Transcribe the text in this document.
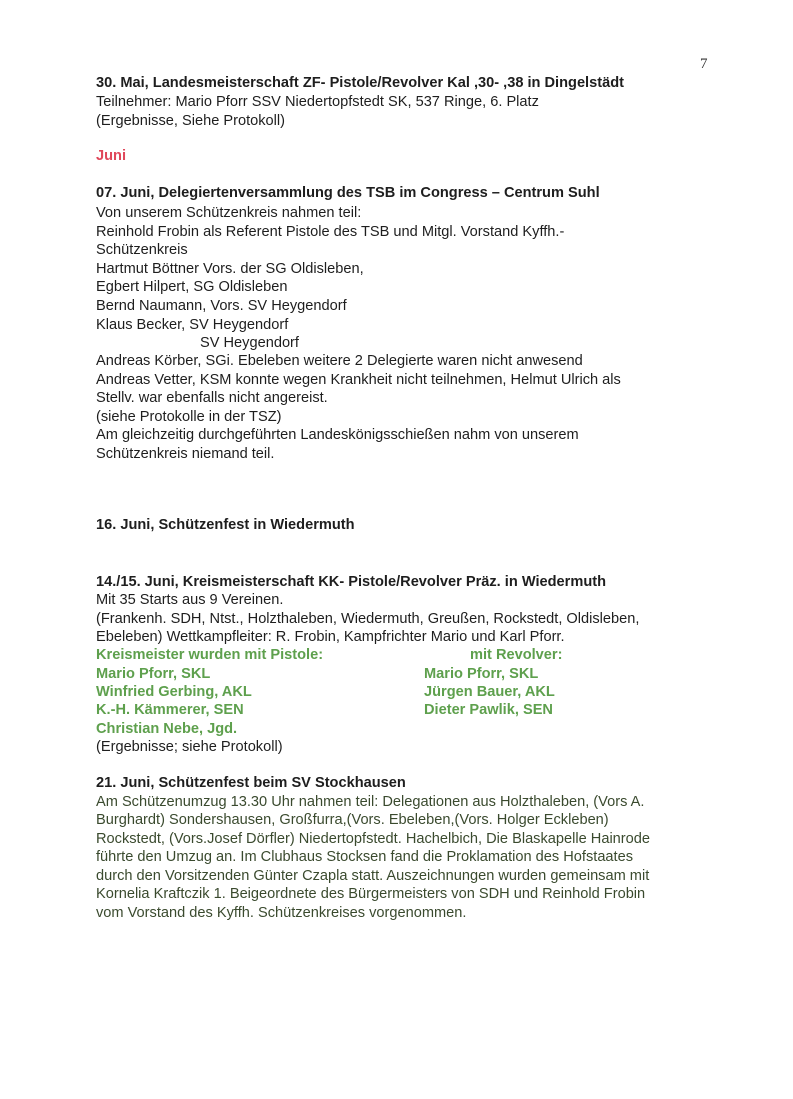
7
30. Mai, Landesmeisterschaft ZF- Pistole/Revolver Kal ,30- ,38 in Dingelstädt
Teilnehmer: Mario Pforr SSV Niedertopfstedt SK, 537 Ringe, 6. Platz
(Ergebnisse, Siehe Protokoll)
Juni
07. Juni, Delegiertenversammlung des TSB im Congress – Centrum Suhl
Von unserem Schützenkreis nahmen teil:
Reinhold Frobin als Referent Pistole des TSB und Mitgl. Vorstand Kyffh.-
Schützenkreis
Hartmut Böttner Vors. der SG Oldisleben,
Egbert Hilpert, SG Oldisleben
Bernd Naumann, Vors. SV Heygendorf
Klaus Becker, SV Heygendorf
SV Heygendorf
Andreas Körber, SGi. Ebeleben weitere 2 Delegierte waren nicht anwesend
Andreas Vetter, KSM konnte wegen Krankheit nicht teilnehmen, Helmut Ulrich als
Stellv. war ebenfalls nicht angereist.
(siehe Protokolle in der TSZ)
Am gleichzeitig durchgeführten Landeskönigsschießen nahm von unserem
Schützenkreis niemand teil.
16. Juni, Schützenfest in Wiedermuth
14./15. Juni, Kreismeisterschaft KK- Pistole/Revolver Präz. in Wiedermuth
Mit 35 Starts aus 9 Vereinen.
(Frankenh. SDH, Ntst., Holzthaleben, Wiedermuth, Greußen, Rockstedt, Oldisleben,
Ebeleben) Wettkampfleiter: R. Frobin, Kampfrichter Mario und Karl Pforr.
Kreismeister wurden mit Pistole:	mit Revolver:
Mario Pforr, SKL
Winfried Gerbing, AKL
K.-H. Kämmerer, SEN
Christian Nebe, Jgd.
Mario Pforr, SKL
Jürgen Bauer, AKL
Dieter Pawlik, SEN
(Ergebnisse; siehe Protokoll)
21. Juni, Schützenfest beim SV Stockhausen
Am Schützenumzug 13.30 Uhr nahmen teil: Delegationen aus Holzthaleben, (Vors A.
Burghardt) Sondershausen, Großfurra,(Vors. Ebeleben,(Vors. Holger Eckleben)
Rockstedt, (Vors.Josef Dörfler) Niedertopfstedt. Hachelbich, Die Blaskapelle Hainrode
führte den Umzug an. Im Clubhaus Stocksen fand die Proklamation des Hofstaates
durch den Vorsitzenden Günter Czapla statt. Auszeichnungen wurden gemeinsam mit
Kornelia Kraftczik 1. Beigeordnete des Bürgermeisters von SDH und Reinhold Frobin
vom Vorstand des Kyffh. Schützenkreises vorgenommen.
